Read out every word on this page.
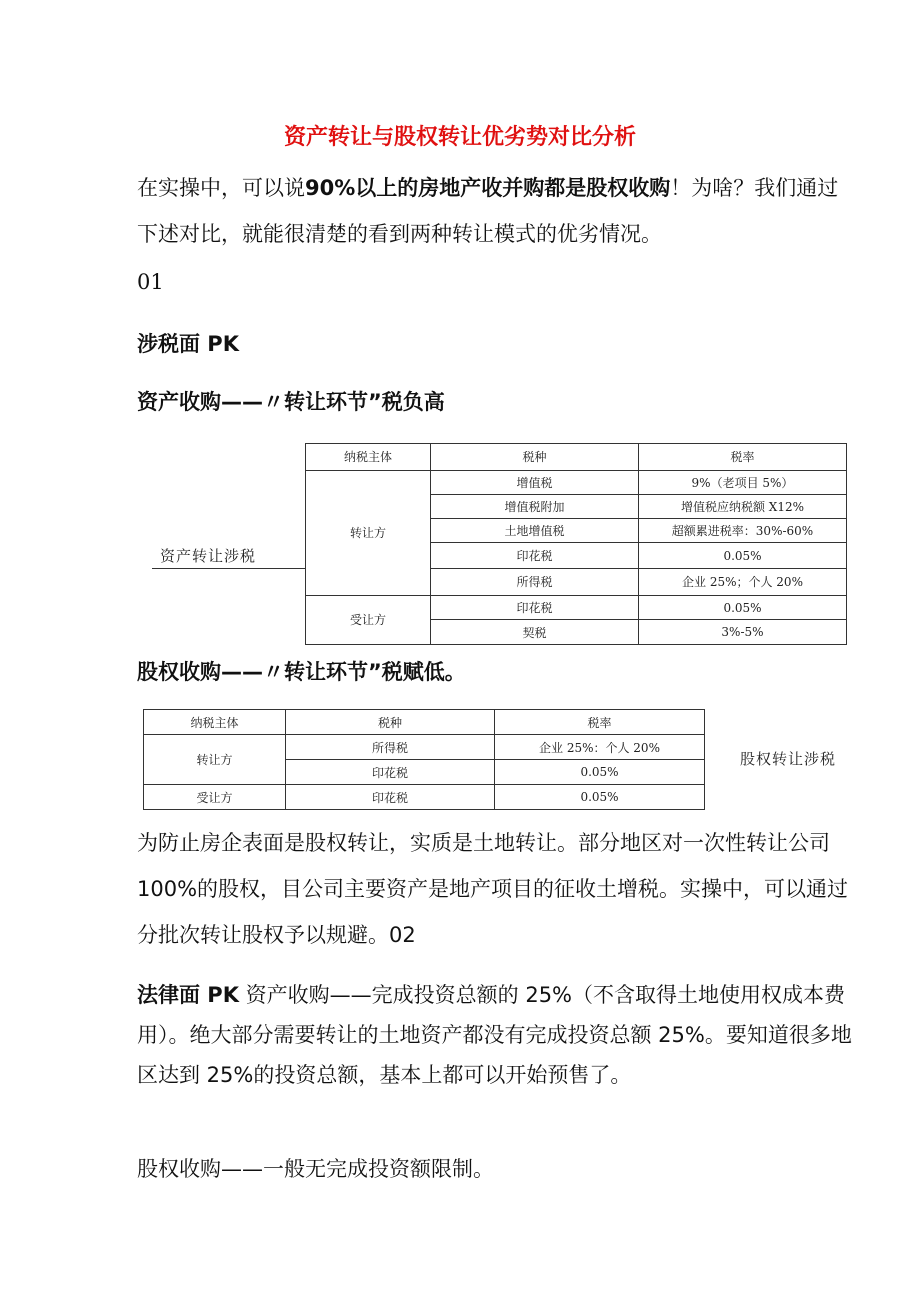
资产转让与股权转让优劣势对比分析
在实操中，可以说90%以上的房地产收并购都是股权收购！为啥？我们通过下述对比，就能很清楚的看到两种转让模式的优劣情况。
01
涉税面 PK
资产收购——〃转让环节”税负高
资产转让涉税
纳税主体	税种	税率
转让方	增值税	9%（老项目 5%）
	增值税附加	增值税应纳税额 X12%
	土地增值税	超额累进税率：30%-60%
	印花税	0.05%
	所得税	企业 25%；个人 20%
受让方	印花税	0.05%
	契税	3%-5%
股权收购——〃转让环节”税赋低。
纳税主体	税种	税率
转让方	所得税	企业 25%：个人 20%
	印花税	0.05%
受让方	印花税	0.05%
股权转让涉税
为防止房企表面是股权转让，实质是土地转让。部分地区对一次性转让公司 100%的股权，目公司主要资产是地产项目的征收土增税。实操中，可以通过分批次转让股权予以规避。02
法律面 PK 资产收购——完成投资总额的 25%（不含取得土地使用权成本费用）。绝大部分需要转让的土地资产都没有完成投资总额 25%。要知道很多地区达到 25%的投资总额，基本上都可以开始预售了。
股权收购——一般无完成投资额限制。
